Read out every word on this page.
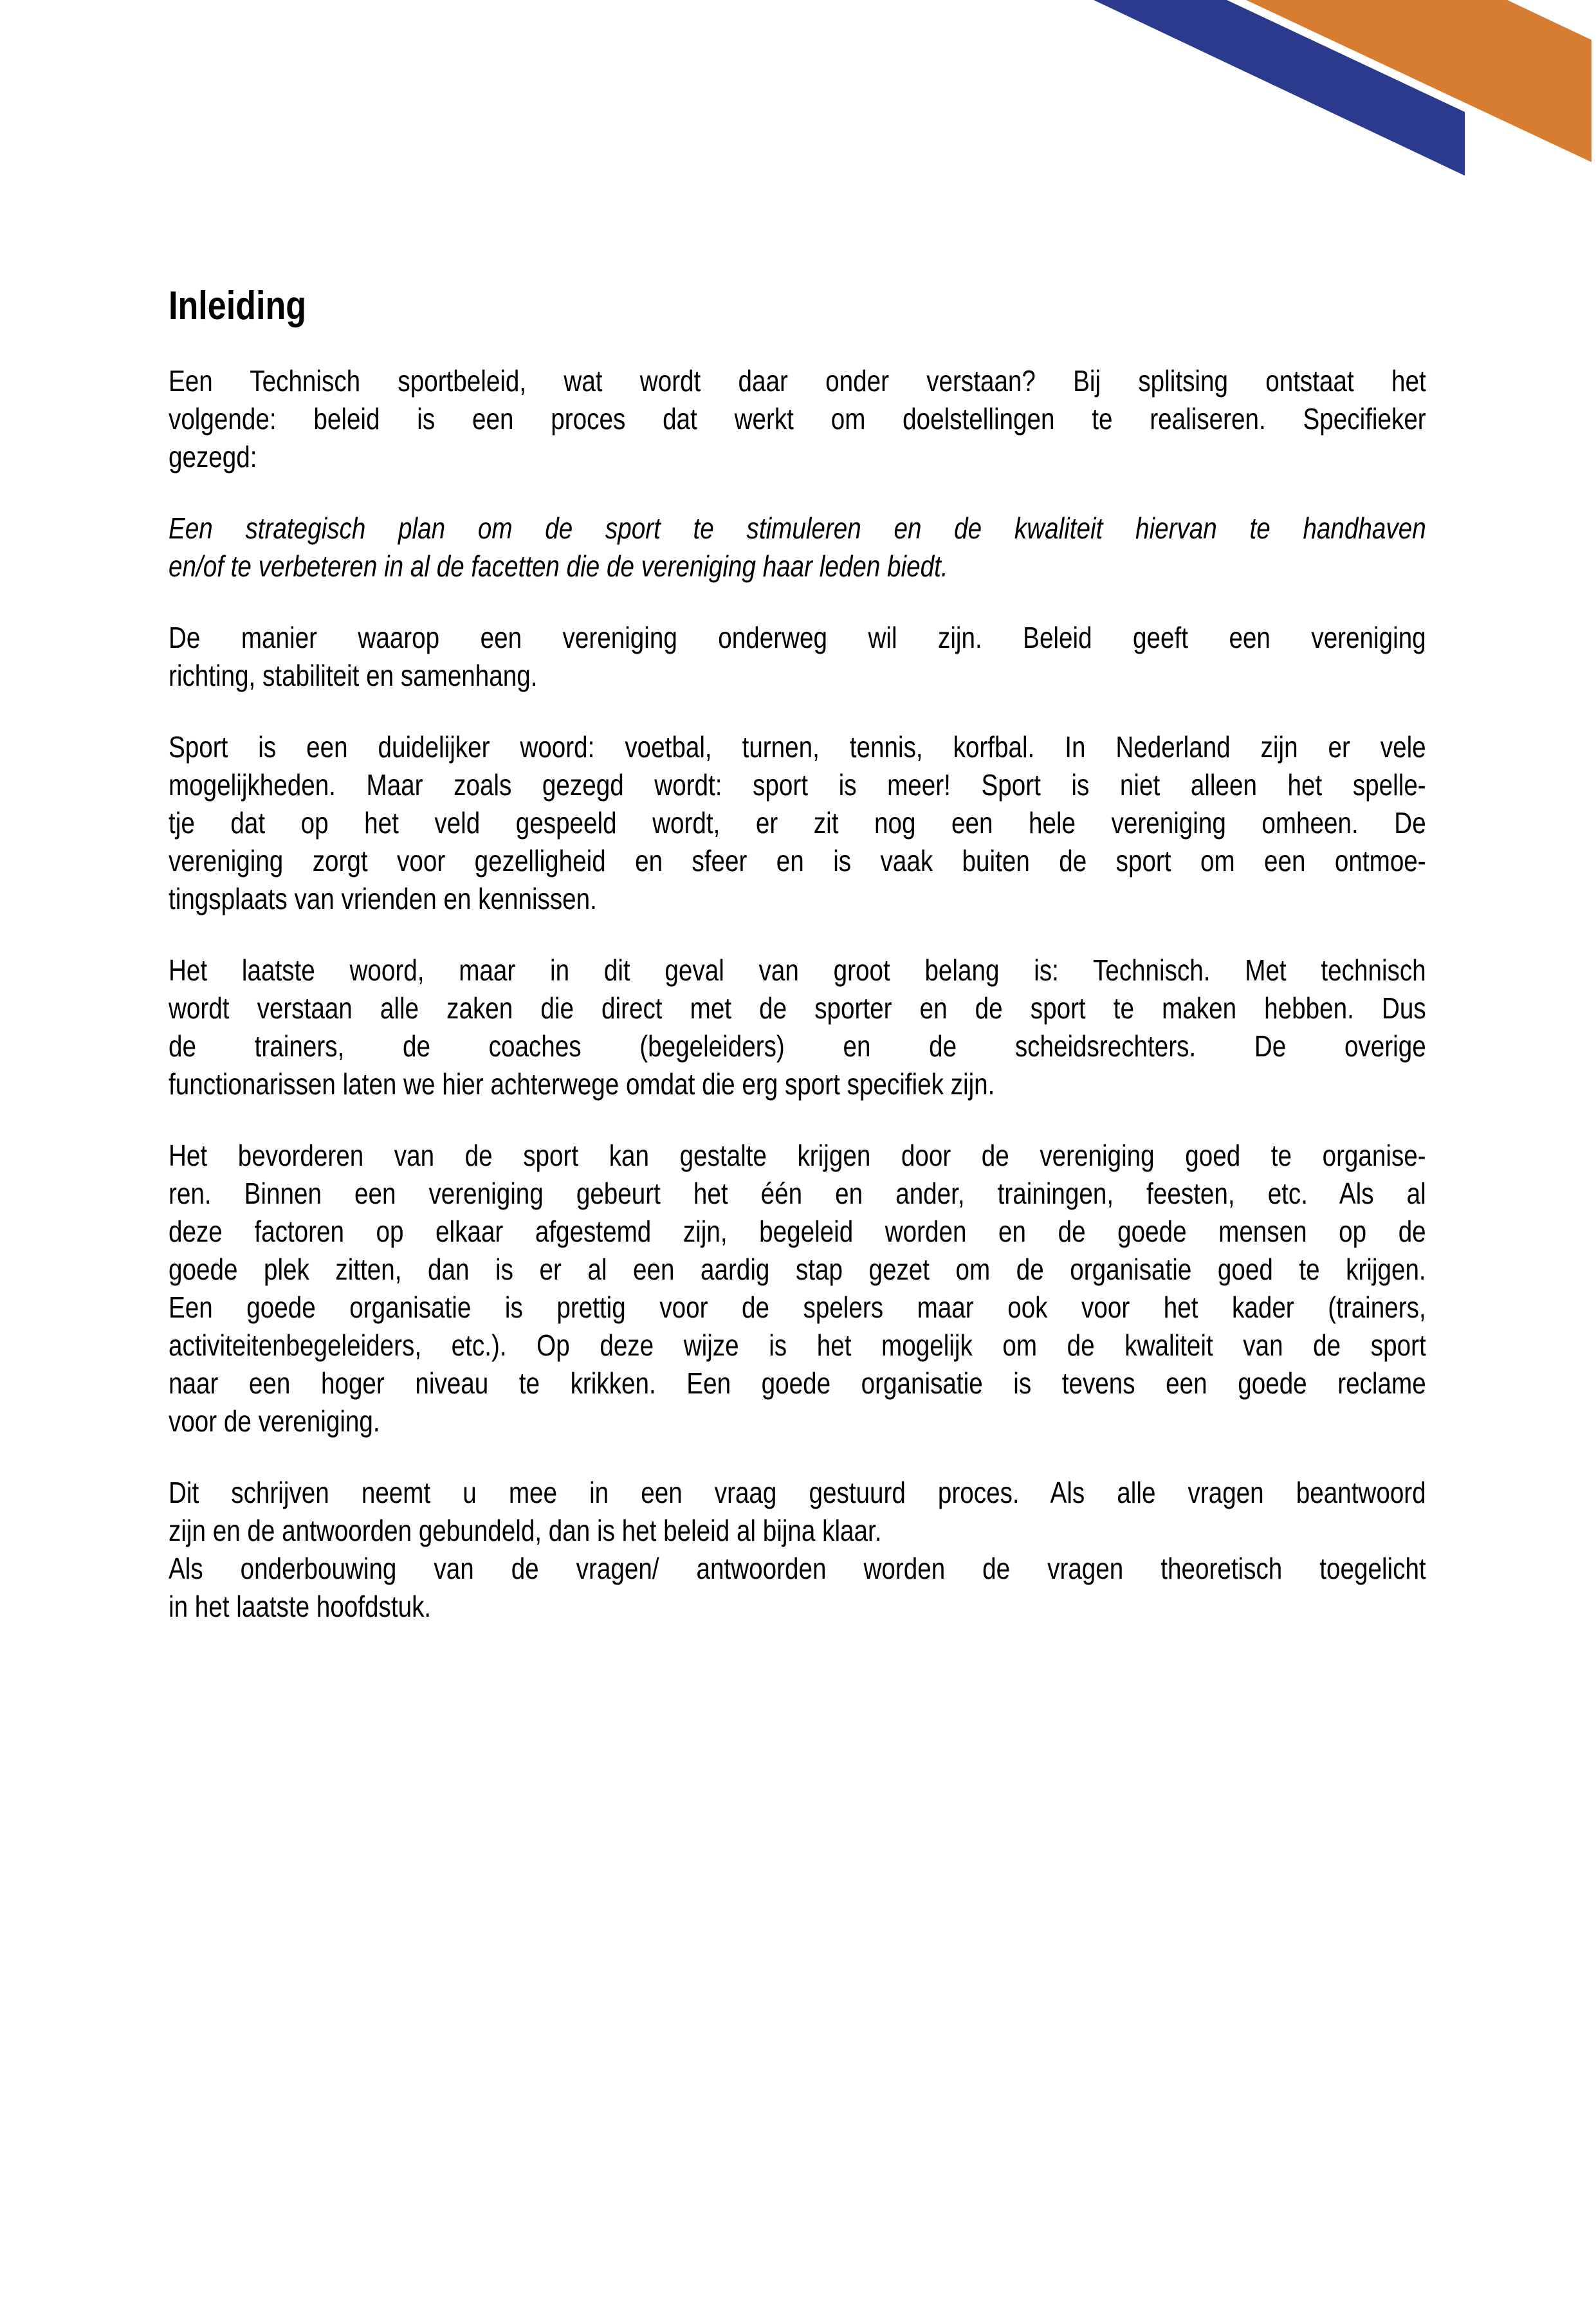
Inleiding
Een Technisch sportbeleid, wat wordt daar onder verstaan? Bij splitsing ontstaat het
volgende: beleid is een proces dat werkt om doelstellingen te realiseren. Specifieker
gezegd:
Een strategisch plan om de sport te stimuleren en de kwaliteit hiervan te handhaven
en/of te verbeteren in al de facetten die de vereniging haar leden biedt.
De manier waarop een vereniging onderweg wil zijn. Beleid geeft een vereniging
richting, stabiliteit en samenhang.
Sport is een duidelijker woord: voetbal, turnen, tennis, korfbal. In Nederland zijn er vele
mogelijkheden. Maar zoals gezegd wordt: sport is meer! Sport is niet alleen het spelle-
tje dat op het veld gespeeld wordt, er zit nog een hele vereniging omheen. De
vereniging zorgt voor gezelligheid en sfeer en is vaak buiten de sport om een ontmoe-
tingsplaats van vrienden en kennissen.
Het laatste woord, maar in dit geval van groot belang is: Technisch. Met technisch
wordt verstaan alle zaken die direct met de sporter en de sport te maken hebben. Dus
de trainers, de coaches (begeleiders) en de scheidsrechters. De overige
functionarissen laten we hier achterwege omdat die erg sport specifiek zijn.
Het bevorderen van de sport kan gestalte krijgen door de vereniging goed te organise-
ren. Binnen een vereniging gebeurt het één en ander, trainingen, feesten, etc. Als al
deze factoren op elkaar afgestemd zijn, begeleid worden en de goede mensen op de
goede plek zitten, dan is er al een aardig stap gezet om de organisatie goed te krijgen.
Een goede organisatie is prettig voor de spelers maar ook voor het kader (trainers,
activiteitenbegeleiders, etc.). Op deze wijze is het mogelijk om de kwaliteit van de sport
naar een hoger niveau te krikken. Een goede organisatie is tevens een goede reclame
voor de vereniging.
Dit schrijven neemt u mee in een vraag gestuurd proces. Als alle vragen beantwoord
zijn en de antwoorden gebundeld, dan is het beleid al bijna klaar.
Als onderbouwing van de vragen/ antwoorden worden de vragen theoretisch toegelicht
in het laatste hoofdstuk.
